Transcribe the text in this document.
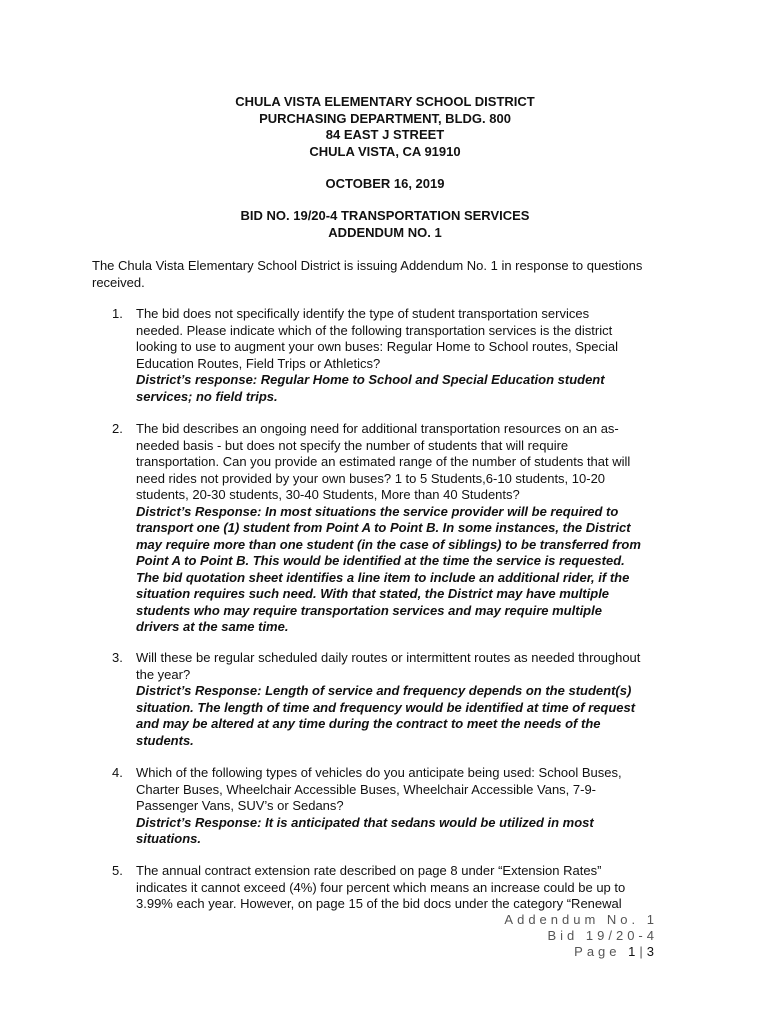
CHULA VISTA ELEMENTARY SCHOOL DISTRICT
PURCHASING DEPARTMENT, BLDG. 800
84 EAST J STREET
CHULA VISTA, CA 91910
OCTOBER 16, 2019
BID NO. 19/20-4 TRANSPORTATION SERVICES
ADDENDUM NO. 1
The Chula Vista Elementary School District is issuing Addendum No. 1 in response to questions
received.
1.	The bid does not specifically identify the type of student transportation services
needed. Please indicate which of the following transportation services is the district
looking to use to augment your own buses: Regular Home to School routes, Special
Education Routes, Field Trips or Athletics?
District’s response: Regular Home to School and Special Education student
services; no field trips.
2.	The bid describes an ongoing need for additional transportation resources on an as-
needed basis - but does not specify the number of students that will require
transportation. Can you provide an estimated range of the number of students that will
need rides not provided by your own buses? 1 to 5 Students,6-10 students, 10-20
students, 20-30 students, 30-40 Students, More than 40 Students?
District’s Response: In most situations the service provider will be required to
transport one (1) student from Point A to Point B. In some instances, the District
may require more than one student (in the case of siblings) to be transferred from
Point A to Point B. This would be identified at the time the service is requested.
The bid quotation sheet identifies a line item to include an additional rider, if the
situation requires such need. With that stated, the District may have multiple
students who may require transportation services and may require multiple
drivers at the same time.
3.	Will these be regular scheduled daily routes or intermittent routes as needed throughout
the year?
District’s Response: Length of service and frequency depends on the student(s)
situation. The length of time and frequency would be identified at time of request
and may be altered at any time during the contract to meet the needs of the
students.
4.	Which of the following types of vehicles do you anticipate being used: School Buses,
Charter Buses, Wheelchair Accessible Buses, Wheelchair Accessible Vans, 7-9-
Passenger Vans, SUV’s or Sedans?
District’s Response: It is anticipated that sedans would be utilized in most
situations.
5.	The annual contract extension rate described on page 8 under “Extension Rates”
indicates it cannot exceed (4%) four percent which means an increase could be up to
3.99% each year. However, on page 15 of the bid docs under the category “Renewal
Addendum No. 1
Bid 19/20-4
Page 1|3
